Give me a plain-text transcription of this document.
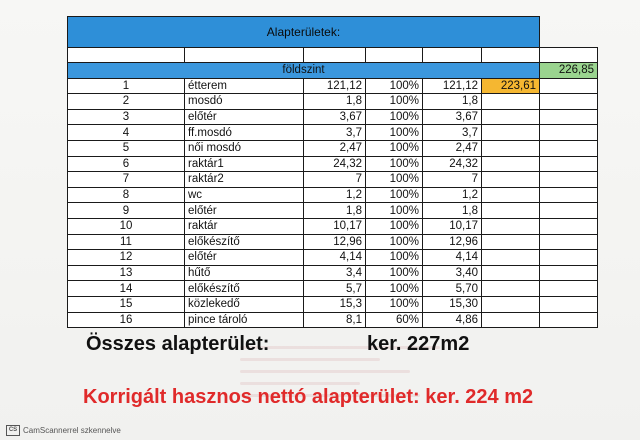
Alapterületek:						

földszint						226,85
1	étterem	121,12	100%	121,12	223,61	
2	mosdó	1,8	100%	1,8		
3	előtér	3,67	100%	3,67		
4	ff.mosdó	3,7	100%	3,7		
5	női mosdó	2,47	100%	2,47		
6	raktár1	24,32	100%	24,32		
7	raktár2	7	100%	7		
8	wc	1,2	100%	1,2		
9	előtér	1,8	100%	1,8		
10	raktár	10,17	100%	10,17		
11	előkészítő	12,96	100%	12,96		
12	előtér	4,14	100%	4,14		
13	hűtő	3,4	100%	3,40		
14	előkészítő	5,7	100%	5,70		
15	közlekedő	15,3	100%	15,30		
16	pince tároló	8,1	60%	4,86		
Összes alapterület:	ker. 227m2
Korrigált hasznos nettó alapterület: ker. 224 m2
CS CamScannerrel szkennelve
